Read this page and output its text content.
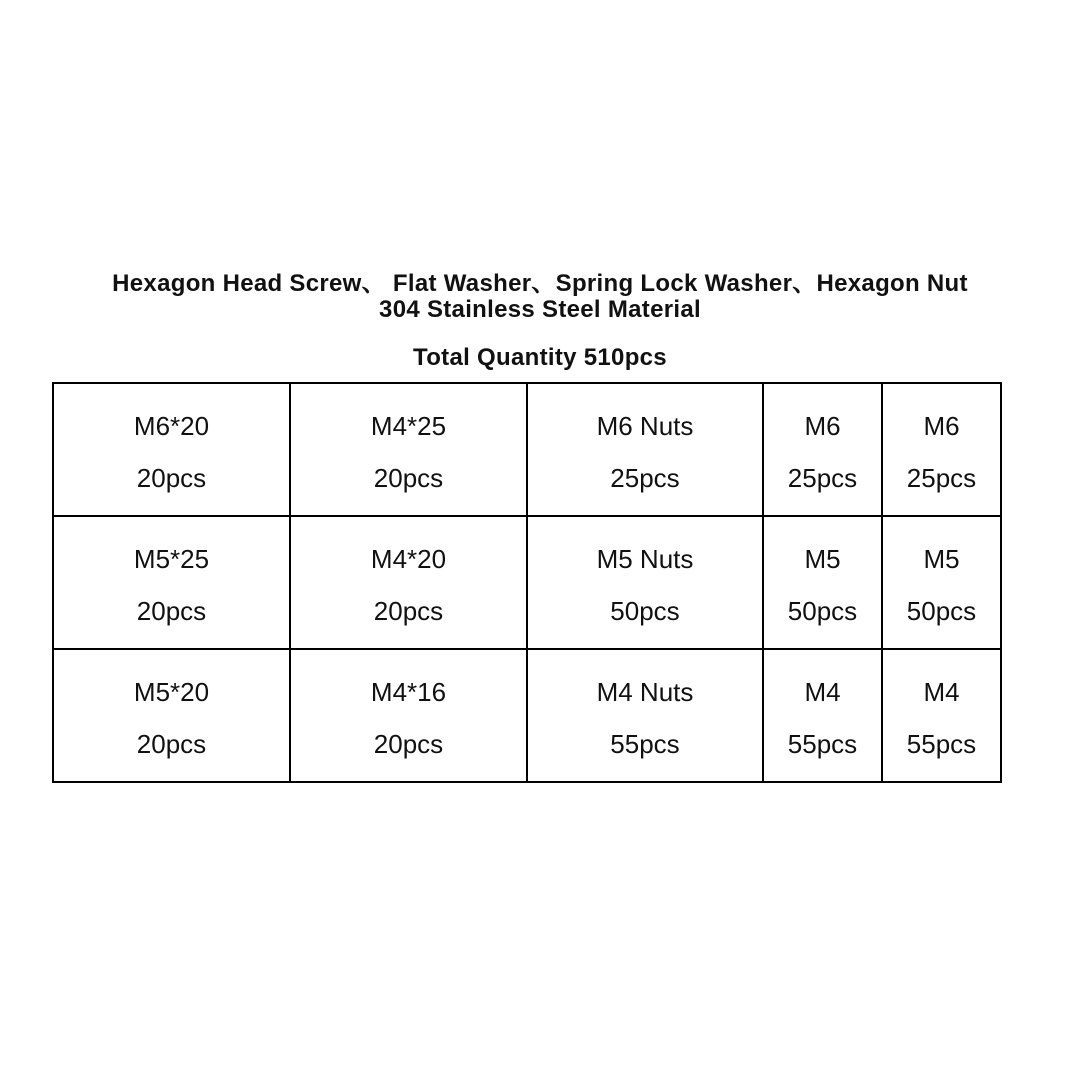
Hexagon Head Screw、 Flat Washer、Spring Lock Washer、Hexagon Nut
304 Stainless Steel Material
Total Quantity 510pcs
M6*20
20pcs	M4*25
20pcs	M6 Nuts
25pcs	M6
25pcs	M6
25pcs

M5*25
20pcs	M4*20
20pcs	M5 Nuts
50pcs	M5
50pcs	M5
50pcs

M5*20
20pcs	M4*16
20pcs	M4 Nuts
55pcs	M4
55pcs	M4
55pcs
